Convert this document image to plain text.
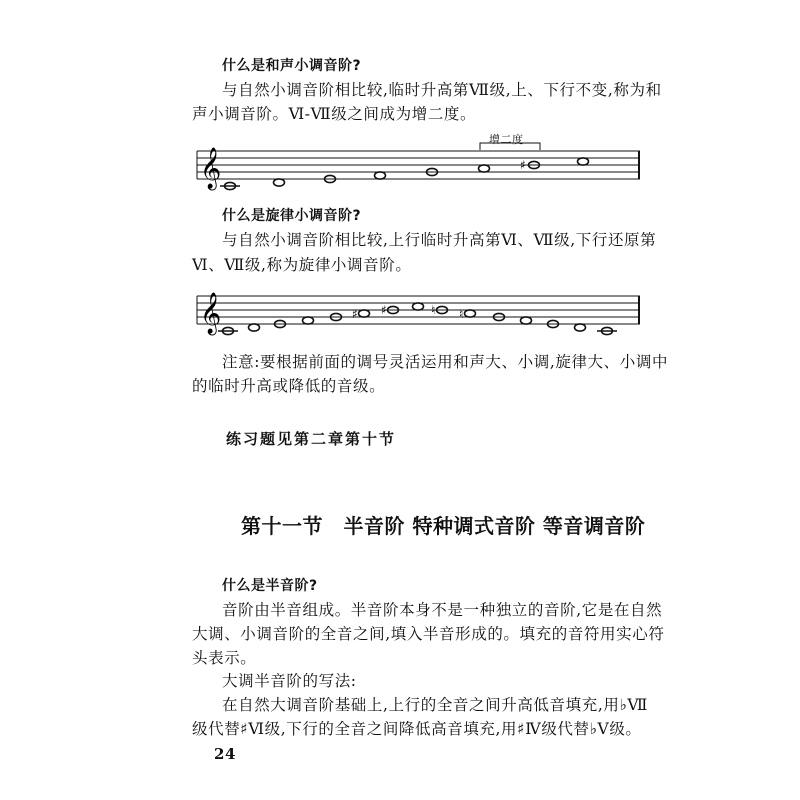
什么是和声小调音阶?
与自然小调音阶相比较,临时升高第Ⅶ级,上、下行不变,称为和
声小调音阶。Ⅵ-Ⅶ级之间成为增二度。
增二度
𝄞	♯
什么是旋律小调音阶?
与自然小调音阶相比较,上行临时升高第Ⅵ、Ⅶ级,下行还原第
Ⅵ、Ⅶ级,称为旋律小调音阶。
𝄞	♯ ♯	♮ ♮
注意:要根据前面的调号灵活运用和声大、小调,旋律大、小调中
的临时升高或降低的音级。
练习题见第二章第十节
第十一节　半音阶 特种调式音阶 等音调音阶
什么是半音阶?
音阶由半音组成。半音阶本身不是一种独立的音阶,它是在自然
大调、小调音阶的全音之间,填入半音形成的。填充的音符用实心符
头表示。
大调半音阶的写法:
在自然大调音阶基础上,上行的全音之间升高低音填充,用♭Ⅶ
级代替♯Ⅵ级,下行的全音之间降低高音填充,用♯Ⅳ级代替♭Ⅴ级。
24
